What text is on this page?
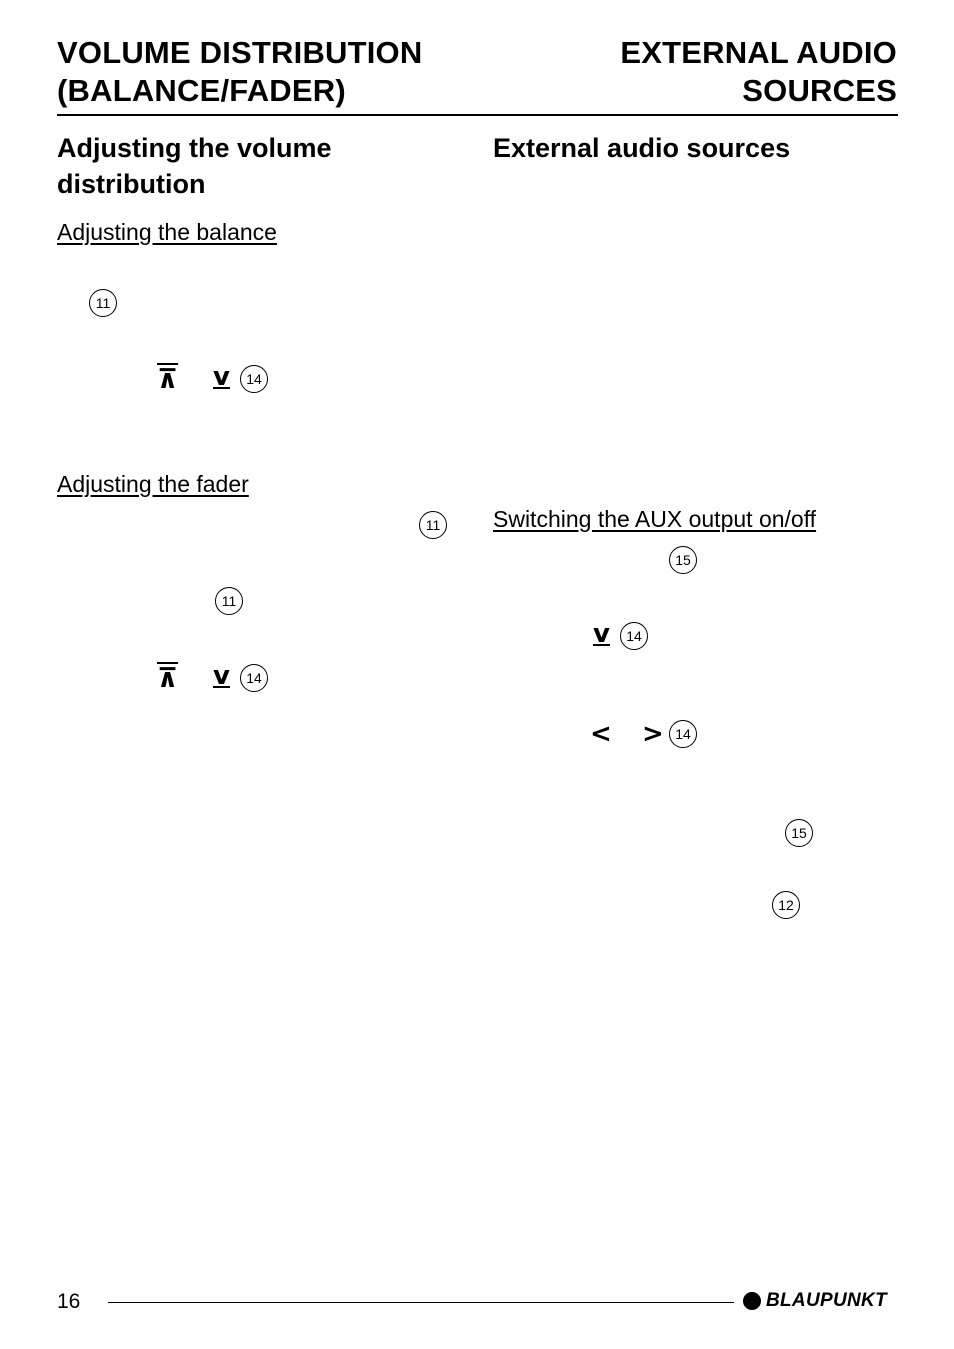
VOLUME DISTRIBUTION
(BALANCE/FADER)
EXTERNAL AUDIO
SOURCES
Adjusting the volume
distribution
Adjusting the balance
11
⊼ v	14
Adjusting the fader
11
11
⊼ v	14
External audio sources
Switching the AUX output on/off
15
v	14
< > 14
15
12
16	BLAUPUNKT
